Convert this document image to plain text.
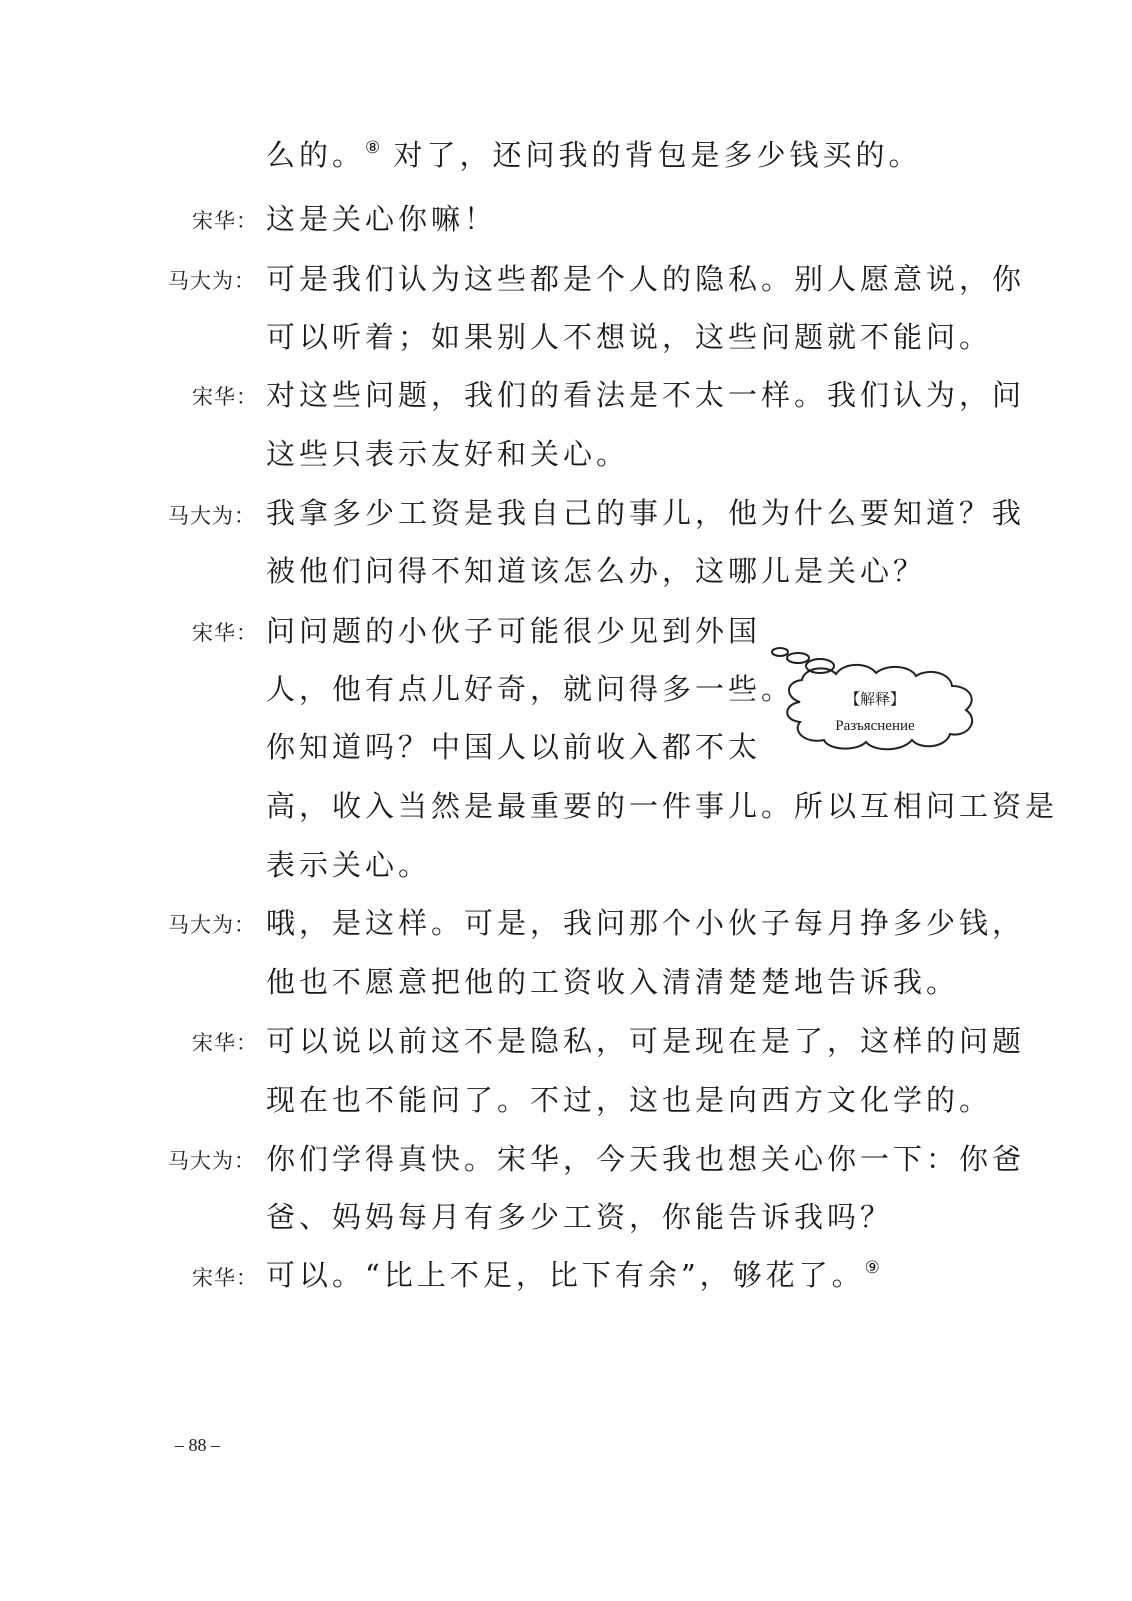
么的。⑧ 对了，还问我的背包是多少钱买的。
宋华： 这是关心你嘛！
马大为： 可是我们认为这些都是个人的隐私。别人愿意说，你
可以听着；如果别人不想说，这些问题就不能问。
宋华： 对这些问题，我们的看法是不太一样。我们认为，问
这些只表示友好和关心。
马大为： 我拿多少工资是我自己的事儿，他为什么要知道？我
被他们问得不知道该怎么办，这哪儿是关心？
宋华： 问问题的小伙子可能很少见到外国
人，他有点儿好奇，就问得多一些。
你知道吗？中国人以前收入都不太
高，收入当然是最重要的一件事儿。所以互相问工资是
表示关心。
【解释】
Разъяснение
马大为： 哦，是这样。可是，我问那个小伙子每月挣多少钱，
他也不愿意把他的工资收入清清楚楚地告诉我。
宋华： 可以说以前这不是隐私，可是现在是了，这样的问题
现在也不能问了。不过，这也是向西方文化学的。
马大为： 你们学得真快。宋华，今天我也想关心你一下：你爸
爸、妈妈每月有多少工资，你能告诉我吗？
宋华： 可以。“比上不足，比下有余”，够花了。⑨
– 88 –
